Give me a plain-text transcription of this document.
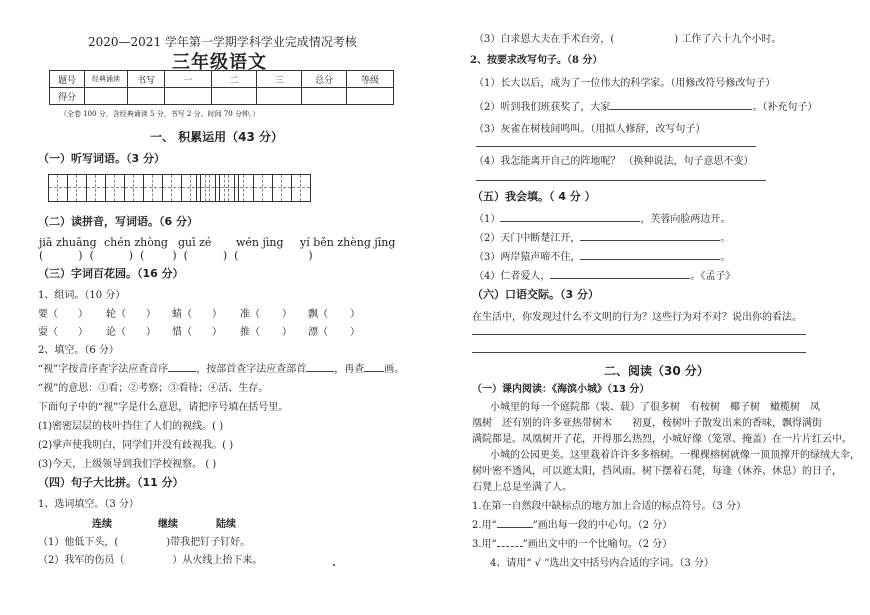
2020—2021 学年第一学期学科学业完成情况考核
三年级语文
题号	经典诵读	书写	一	二	三	总分	等级
得分							
（全卷 100 分，含经典诵读 5 分，书写 2 分。时间 70 分钟。）
一、 积累运用（43 分）
（一）听写词语。（3 分）
（二）读拼音，写词语。（6 分）
jiā zhuāng chén zhòng guī zé wén jìng yí běn zhèng jīng
(          )  (          )  (        )  (          )  (                    )
（三）字词百花园。（16 分）
1、组词。（10 分）
要（ ） 轮（ ） 蜻（ ） 准（ ） 飘（ ）
耍（ ） 论（ ） 惜（ ） 推（ ） 漂（ ）
2、填空。（6 分）
“视”字按音序查字法应查音序	，按部首查字法应查部首	，再查 画。
“视”的意思：①看；②考察；③看待；④活、生存。
下面句子中的“视”字是什么意思，请把序号填在括号里。
(1)密密层层的枝叶挡住了人们的视线。( )
(2)掌声使我明白，同学们并没有歧视我。( )
(3)今天，上级领导到我们学校视察。 ( )
（四）句子大比拼。（11 分）
1、选词填空。（3 分）
连续	继续	陆续
（1）他低下头，(	)带我把钉子钉好。
（2）我军的伤员（	）从火线上抬下来。
（3）白求恩大夫在手术台旁，(	) 工作了六十九个小时。
2、按要求改写句子。（8 分）
（1）长大以后，成为了一位伟大的科学家。（用修改符号修改句子）
（2）听到我们班获奖了，大家	。（补充句子）
（3）灰雀在树枝间鸣叫。（用拟人修辞，改写句子）
（4）我怎能离开自己的阵地呢？ （换种说法，句子意思不变）
（五）我会填。（ 4 分 ）
（1）	，芙蓉向脸两边开。
（2）天门中断楚江开，	。
（3）两岸猿声啼不住，	。
（4）仁者爱人，	。《孟子》
（六）口语交际。（3 分）
在生活中，你发现过什么不文明的行为？这些行为对不对？说出你的看法。
二、阅读（30 分）
（一）课内阅读：《海滨小城》（13 分）
小城里的每一个庭院都（装、载）了很多树　有桉树　椰子树　橄榄树　凤
凰树　还有别的许多亚热带树木　　初夏，桉树叶子散发出来的香味，飘得满街
满院都是。凤凰树开了花，开得那么热烈，小城好像（笼罩、掩盖）在一片片红云中。
小城的公园更美。这里栽着许许多多榕树。一棵棵榕树就像一顶顶撑开的绿绒大伞，
树叶密不透风，可以遮太阳，挡风雨。树下摆着石凳，每逢（休养、休息）的日子，
石凳上总是坐满了人。
1.在第一自然段中缺标点的地方加上合适的标点符号。（3 分）
2.用“	”画出每一段的中心句。（2 分）
3.用“	”画出文中的一个比喻句。（2 分）
4、请用“ √ ”选出文中括号内合适的字词。（3 分）
